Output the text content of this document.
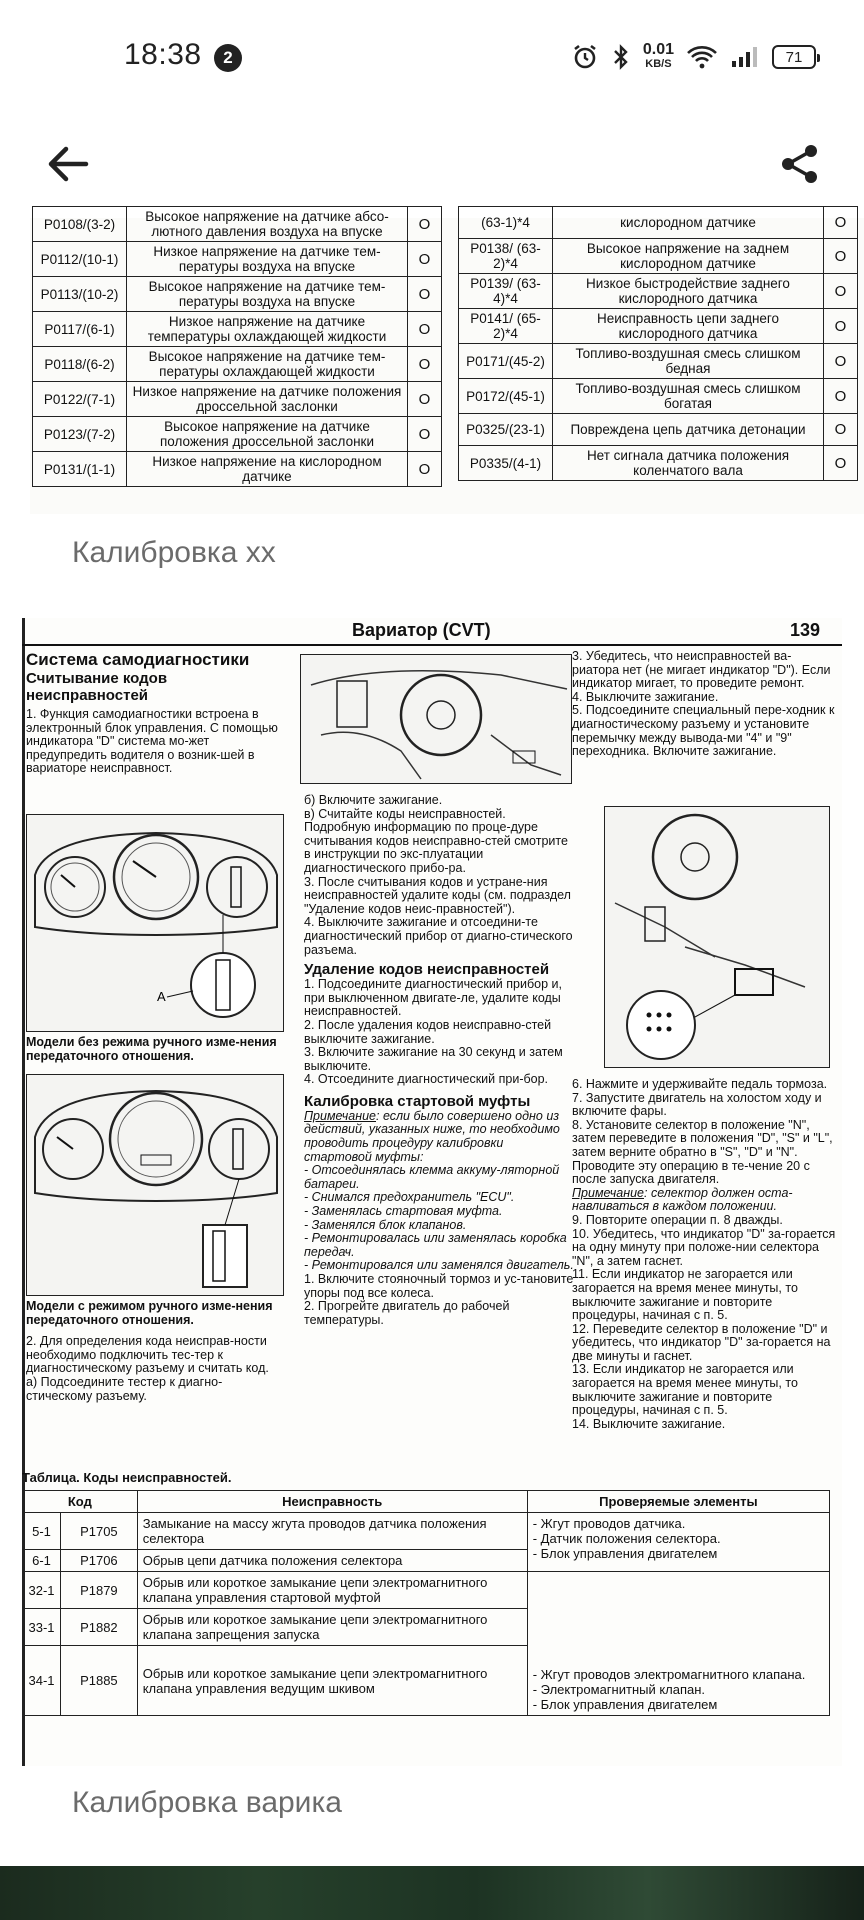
18:38	2	0.01
KB/S	71
P0108/(3-2)	Высокое напряжение на датчике абсо-лютного давления воздуха на впуске	O
P0112/(10-1)	Низкое напряжение на датчике тем-пературы воздуха на впуске	O
P0113/(10-2)	Высокое напряжение на датчике тем-пературы воздуха на впуске	O
P0117/(6-1)	Низкое напряжение на датчике температуры охлаждающей жидкости	O
P0118/(6-2)	Высокое напряжение на датчике тем-пературы охлаждающей жидкости	O
P0122/(7-1)	Низкое напряжение на датчике положения дроссельной заслонки	O
P0123/(7-2)	Высокое напряжение на датчике положения дроссельной заслонки	O
P0131/(1-1)	Низкое напряжение на кислородном датчике	O
(63-1)*4	кислородном датчике	O
P0138/ (63-2)*4	Высокое напряжение на заднем кислородном датчике	O
P0139/ (63-4)*4	Низкое быстродействие заднего кислородного датчика	O
P0141/ (65-2)*4	Неисправность цепи заднего кислородного датчика	O
P0171/(45-2)	Топливо-воздушная смесь слишком бедная	O
P0172/(45-1)	Топливо-воздушная смесь слишком богатая	O
P0325/(23-1)	Повреждена цепь датчика детонации	O
P0335/(4-1)	Нет сигнала датчика положения коленчатого вала	O
Калибровка хх
Вариатор (CVT)	139

Система самодиагностики

Считывание кодов неисправностей

1. Функция самодиагностики встроена в электронный блок управления. С помощью индикатора "D" система мо-жет предупредить водителя о возник-шей в вариаторе неисправност.

A

Модели без режима ручного изме-нения передаточного отношения.

Модели с режимом ручного изме-нения передаточного отношения.

2. Для определения кода неисправ-ности необходимо подключить тес-тер к диагностическому разъему и считать код.

а) Подсоедините тестер к диагно-стическому разъему.

б) Включите зажигание.

в) Считайте коды неисправностей. Подробную информацию по проце-дуре считывания кодов неисправно-стей смотрите в инструкции по экс-плуатации диагностического прибо-ра.

3. После считывания кодов и устране-ния неисправностей удалите коды (см. подраздел "Удаление кодов неис-правностей").

4. Выключите зажигание и отсоедини-те диагностический прибор от диагно-стического разъема.

Удаление кодов неисправностей

1. Подсоедините диагностический прибор и, при выключенном двигате-ле, удалите коды неисправностей.

2. После удаления кодов неисправно-стей выключите зажигание.

3. Включите зажигание на 30 секунд и затем выключите.

4. Отсоедините диагностический при-бор.

Калибровка стартовой муфты

Примечание: если было совершено одно из действий, указанных ниже, то необходимо проводить процедуру калибровки стартовой муфты:

- Отсоединялась клемма аккуму-ляторной батареи.

- Снимался предохранитель "ECU".

- Заменялась стартовая муфта.

- Заменялся блок клапанов.

- Ремонтировалась или заменялась коробка передач.

- Ремонтировался или заменялся двигатель.

1. Включите стояночный тормоз и ус-тановите упоры под все колеса.

2. Прогрейте двигатель до рабочей температуры.

3. Убедитесь, что неисправностей ва-риатора нет (не мигает индикатор "D"). Если индикатор мигает, то проведите ремонт.

4. Выключите зажигание.

5. Подсоедините специальный пере-ходник к диагностическому разъему и установите перемычку между вывода-ми "4" и "9" переходника. Включите зажигание.

6. Нажмите и удерживайте педаль тормоза.

7. Запустите двигатель на холостом ходу и включите фары.

8. Установите селектор в положение "N", затем переведите в положения "D", "S" и "L", затем верните обратно в "S", "D" и "N". Проводите эту операцию в те-чение 20 с после запуска двигателя.

Примечание: селектор должен оста-навливаться в каждом положении.

9. Повторите операции п. 8 дважды.

10. Убедитесь, что индикатор "D" за-горается на одну минуту при положе-нии селектора "N", а затем гаснет.

11. Если индикатор не загорается или загорается на время менее минуты, то выключите зажигание и повторите процедуры, начиная с п. 5.

12. Переведите селектор в положение "D" и убедитесь, что индикатор "D" за-горается на две минуты и гаснет.

13. Если индикатор не загорается или загорается на время менее минуты, то выключите зажигание и повторите процедуры, начиная с п. 5.

14. Выключите зажигание.

Таблица. Коды неисправностей.
Код		Неисправность	Проверяемые элементы
5-1	P1705	Замыкание на массу жгута проводов датчика положения селектора	- Жгут проводов датчика.
- Датчик положения селектора.
- Блок управления двигателем

6-1	P1706	Обрыв цепи датчика положения селектора	
32-1	P1879	Обрыв или короткое замыкание цепи электромагнитного клапана управления стартовой муфтой	- Жгут проводов электромагнитного клапана.
- Электромагнитный клапан.
- Блок управления двигателем

33-1	P1882	Обрыв или короткое замыкание цепи электромагнитного клапана запрещения запуска	
34-1	P1885	Обрыв или короткое замыкание цепи электромагнитного клапана управления ведущим шкивом	
Калибровка варика
